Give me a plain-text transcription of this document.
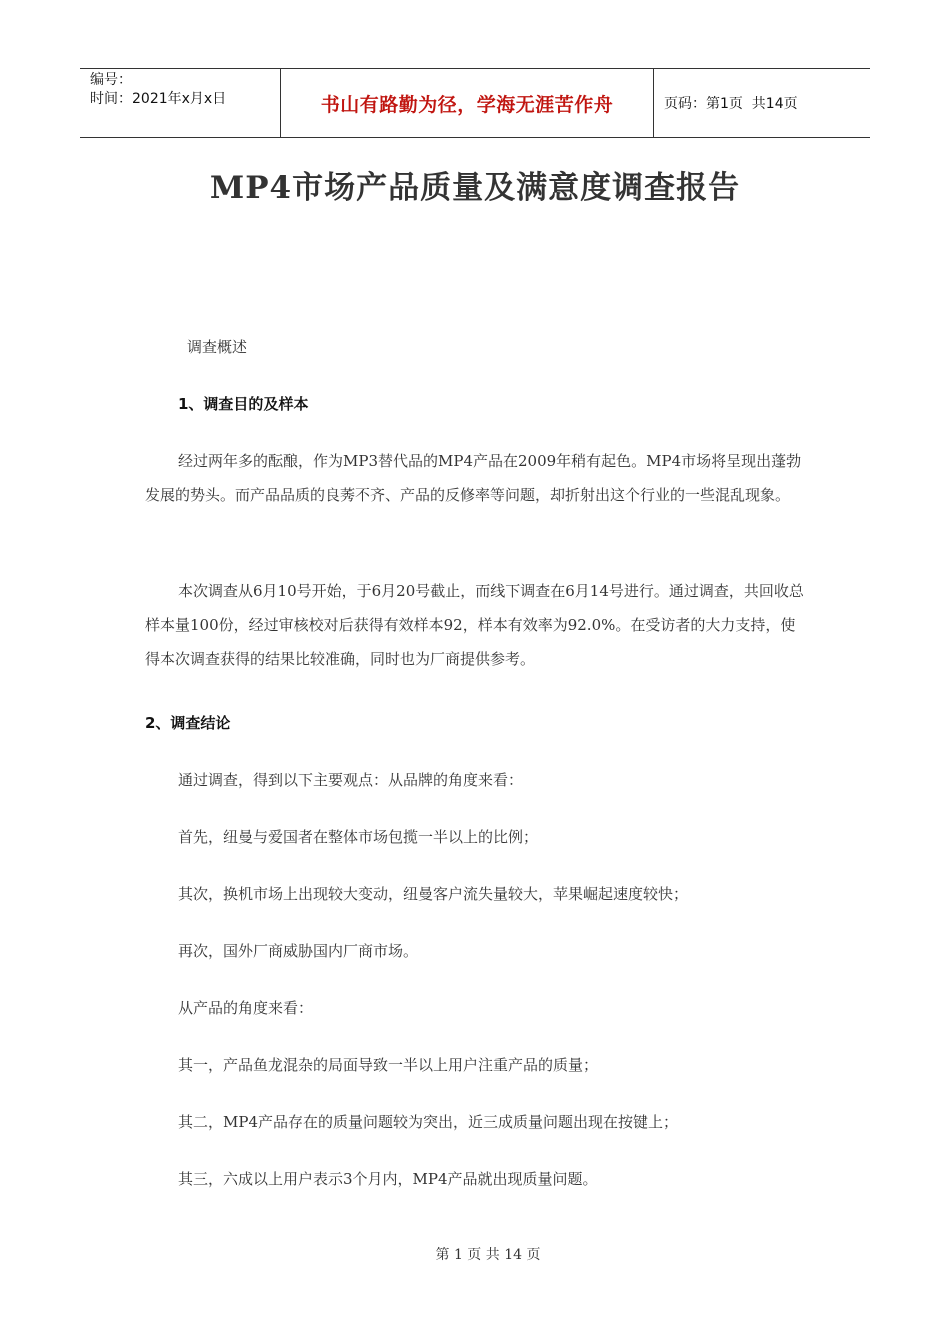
编号：
时间：2021年x月x日	书山有路勤为径，学海无涯苦作舟	页码：第1页  共14页
MP4市场产品质量及满意度调查报告

调查概述

1、调查目的及样本

经过两年多的酝酿，作为MP3替代品的MP4产品在2009年稍有起色。MP4市场将呈现出蓬勃发展的势头。而产品品质的良莠不齐、产品的反修率等问题，却折射出这个行业的一些混乱现象。

本次调查从6月10号开始，于6月20号截止，而线下调查在6月14号进行。通过调查，共回收总样本量100份，经过审核校对后获得有效样本92，样本有效率为92.0%。在受访者的大力支持，使得本次调查获得的结果比较准确，同时也为厂商提供参考。

2、调查结论

通过调查，得到以下主要观点：从品牌的角度来看：

首先，纽曼与爱国者在整体市场包揽一半以上的比例；

其次，换机市场上出现较大变动，纽曼客户流失量较大，苹果崛起速度较快；

再次，国外厂商威胁国内厂商市场。

从产品的角度来看：

其一，产品鱼龙混杂的局面导致一半以上用户注重产品的质量；

其二，MP4产品存在的质量问题较为突出，近三成质量问题出现在按键上；

其三，六成以上用户表示3个月内，MP4产品就出现质量问题。

第 1 页 共 14 页
